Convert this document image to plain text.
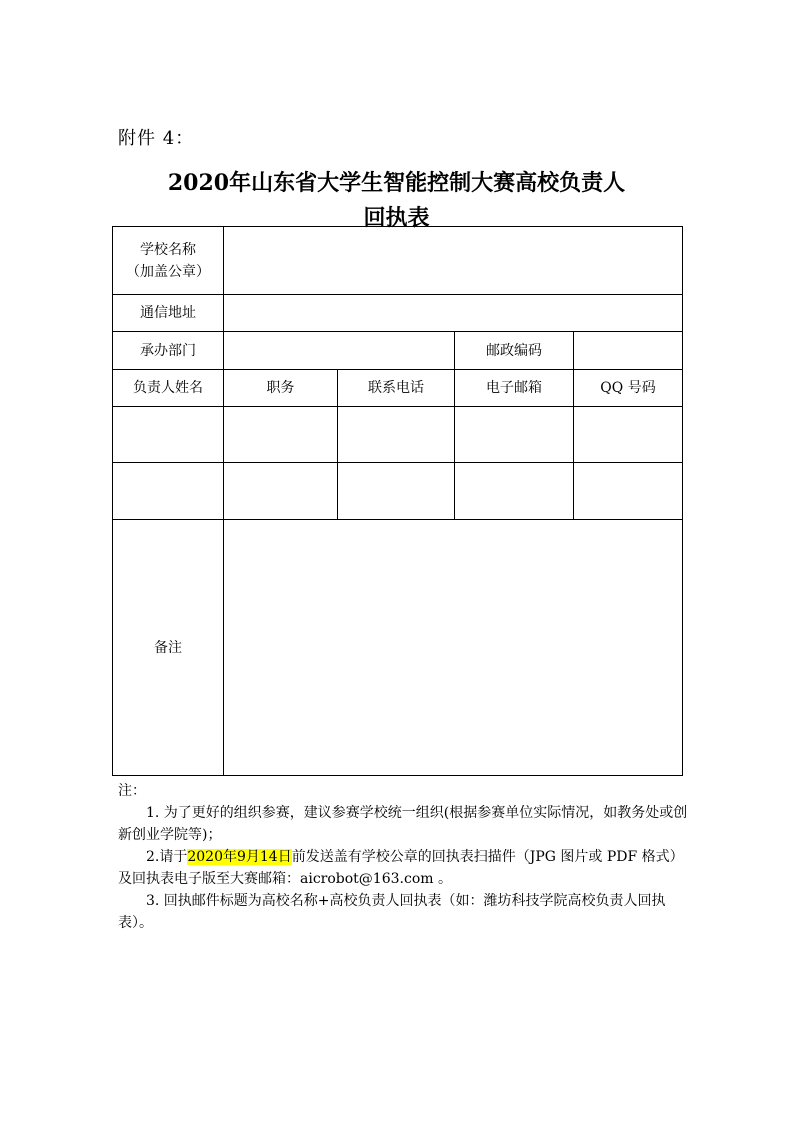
附件 4：
2020年山东省大学生智能控制大赛高校负责人
回执表
学校名称
（加盖公章）				

通信地址				
承办部门			邮政编码	
负责人姓名	职务	联系电话	电子邮箱	QQ 号码

备注				

注：

1. 为了更好的组织参赛，建议参赛学校统一组织(根据参赛单位实际情况，如教务处或创新创业学院等)；

2.请于2020年9月14日前发送盖有学校公章的回执表扫描件（JPG 图片或 PDF 格式）及回执表电子版至大赛邮箱：aicrobot@163.com 。

3. 回执邮件标题为高校名称+高校负责人回执表（如：潍坊科技学院高校负责人回执表）。
